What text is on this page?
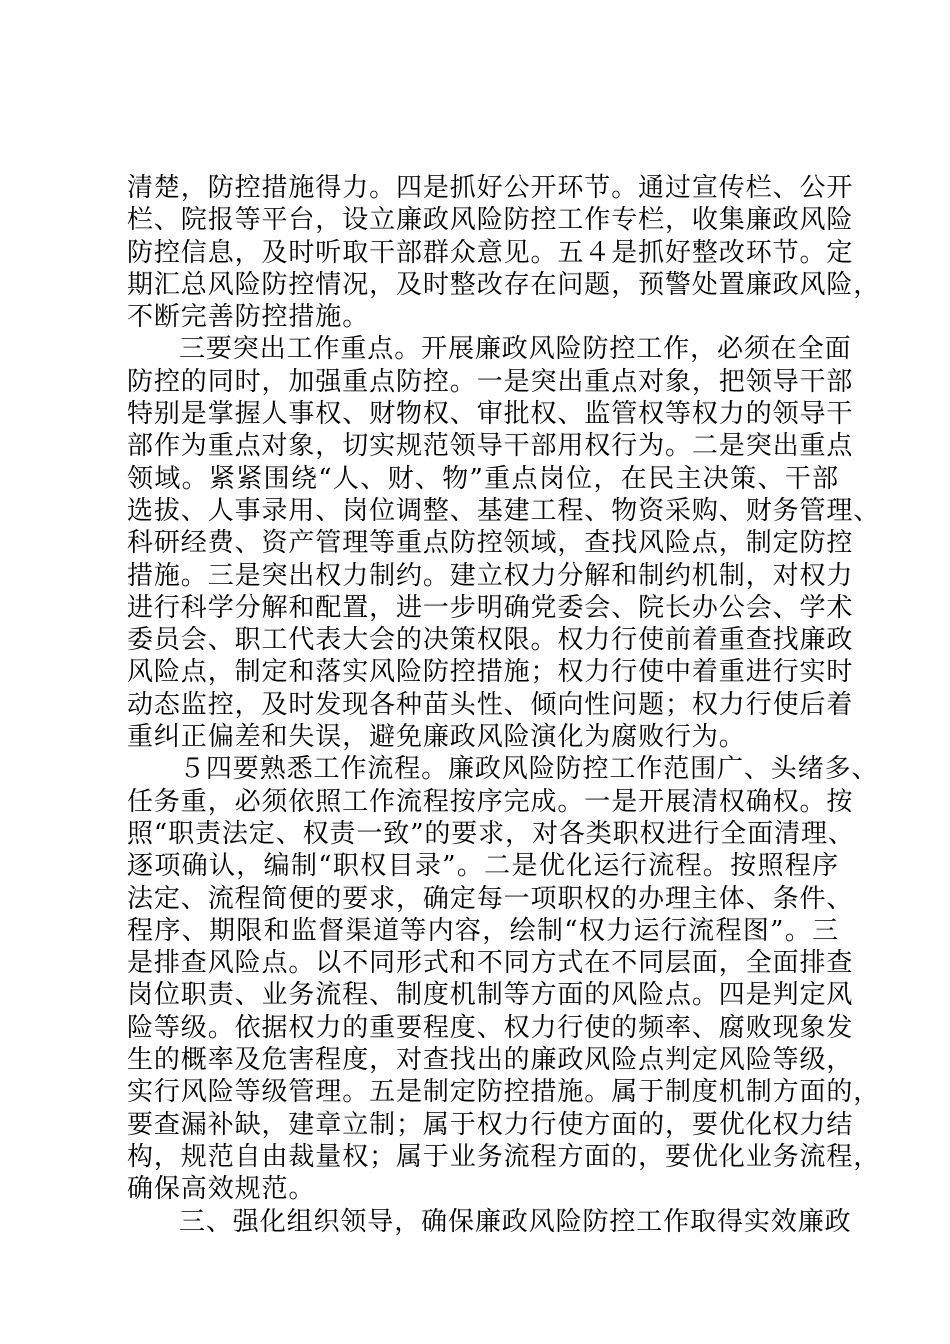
清楚，防控措施得力。四是抓好公开环节。通过宣传栏、公开
栏、院报等平台，设立廉政风险防控工作专栏，收集廉政风险
防控信息，及时听取干部群众意见。五４是抓好整改环节。定
期汇总风险防控情况，及时整改存在问题，预警处置廉政风险，
不断完善防控措施。
三要突出工作重点。开展廉政风险防控工作，必须在全面
防控的同时，加强重点防控。一是突出重点对象，把领导干部
特别是掌握人事权、财物权、审批权、监管权等权力的领导干
部作为重点对象，切实规范领导干部用权行为。二是突出重点
领域。紧紧围绕“人、财、物”重点岗位，在民主决策、干部
选拔、人事录用、岗位调整、基建工程、物资采购、财务管理、
科研经费、资产管理等重点防控领域，查找风险点，制定防控
措施。三是突出权力制约。建立权力分解和制约机制，对权力
进行科学分解和配置，进一步明确党委会、院长办公会、学术
委员会、职工代表大会的决策权限。权力行使前着重查找廉政
风险点，制定和落实风险防控措施；权力行使中着重进行实时
动态监控，及时发现各种苗头性、倾向性问题；权力行使后着
重纠正偏差和失误，避免廉政风险演化为腐败行为。
５四要熟悉工作流程。廉政风险防控工作范围广、头绪多、
任务重，必须依照工作流程按序完成。一是开展清权确权。按
照“职责法定、权责一致”的要求，对各类职权进行全面清理、
逐项确认，编制“职权目录”。二是优化运行流程。按照程序
法定、流程简便的要求，确定每一项职权的办理主体、条件、
程序、期限和监督渠道等内容，绘制“权力运行流程图”。三
是排查风险点。以不同形式和不同方式在不同层面，全面排查
岗位职责、业务流程、制度机制等方面的风险点。四是判定风
险等级。依据权力的重要程度、权力行使的频率、腐败现象发
生的概率及危害程度，对查找出的廉政风险点判定风险等级，
实行风险等级管理。五是制定防控措施。属于制度机制方面的，
要查漏补缺，建章立制；属于权力行使方面的，要优化权力结
构，规范自由裁量权；属于业务流程方面的，要优化业务流程，
确保高效规范。
三、强化组织领导，确保廉政风险防控工作取得实效廉政
